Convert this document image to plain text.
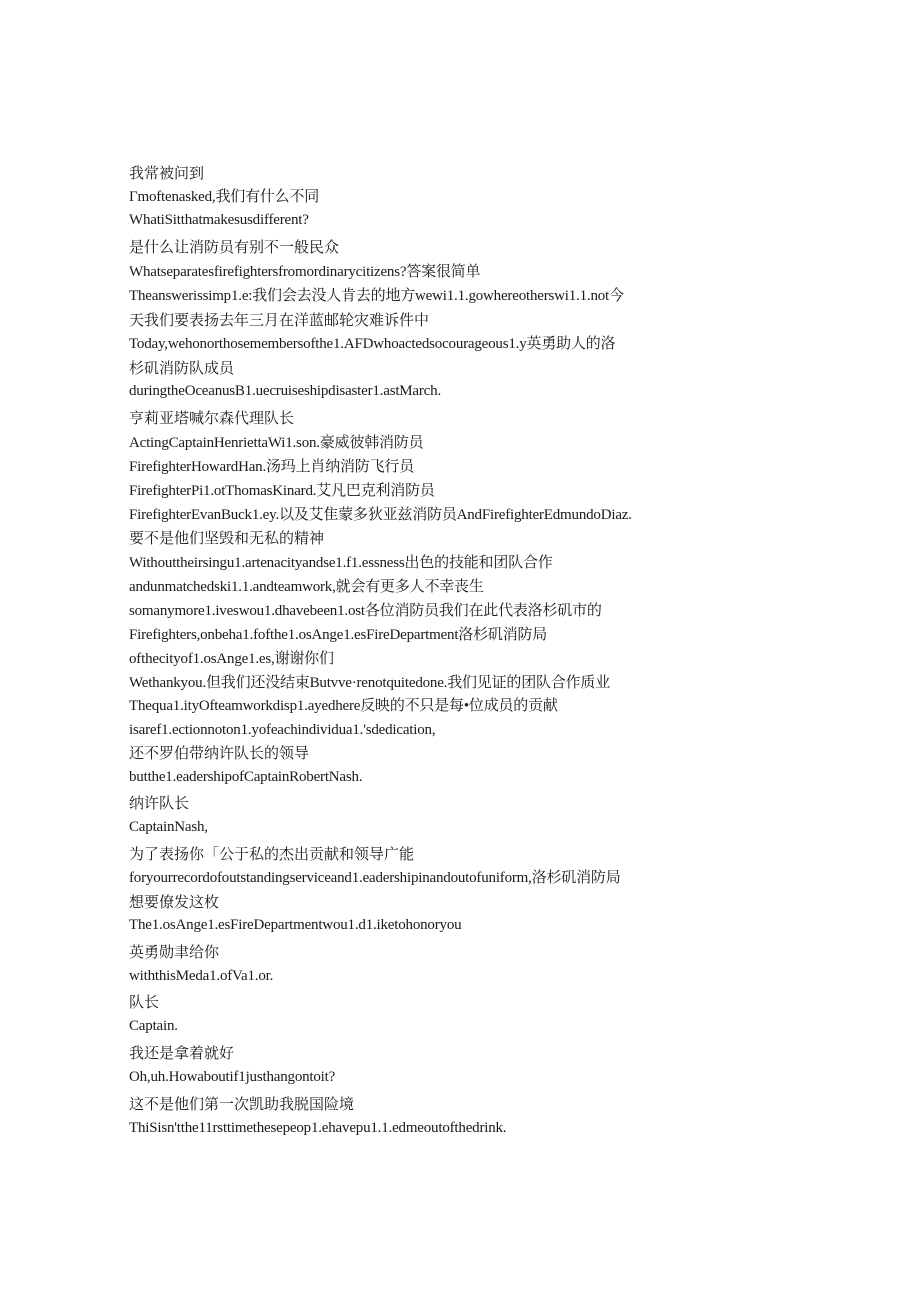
我常被问到
Γmoftenasked,我们有什么不同
WhatiSitthatmakesusdifferent?
是什么让消防员有别不一般民众
Whatseparatesfirefightersfromordinarycitizens?答案很简单
Theanswerissimp1.e:我们会去没人肯去的地方wewi1.1.gowhereotherswi1.1.not今
天我们要表扬去年三月在洋蓝邮轮灾难诉件中
Today,wehonorthosemembersofthe1.AFDwhoactedsocourageous1.y英勇助人的洛
杉矶消防队成员
duringtheOceanusB1.uecruiseshipdisaster1.astMarch.
亨莉亚塔喊尔森代理队长
ActingCaptainHenriettaWi1.son.豪威彼韩消防员
FirefighterHowardHan.汤玛上肖纳消防飞行员
FirefighterPi1.otThomasKinard.艾凡巴克利消防员
FirefighterEvanBuck1.ey.以及艾隹蒙多狄亚兹消防员AndFirefighterEdmundoDiaz.
要不是他们坚毁和无私的精神
Withouttheirsingu1.artenacityandse1.f1.essness出色的技能和团队合作
andunmatchedski1.1.andteamwork,就会有更多人不幸丧生
somanymore1.iveswou1.dhavebeen1.ost各位消防员我们在此代表洛杉矶市的
Firefighters,onbeha1.fofthe1.osAnge1.esFireDepartment洛杉矶消防局
ofthecityof1.osAnge1.es,谢谢你们
Wethankyou.但我们还没结束Butvve·renotquitedone.我们见证的团队合作质业
Thequa1.ityOfteamworkdisp1.ayedhere反映的不只是每•位成员的贡献
isaref1.ectionnoton1.yofeachindividua1.'sdedication,
还不罗伯带纳许队长的领导
butthe1.eadershipofCaptainRobertNash.
纳许队长
CaptainNash,
为了表扬你「公于私的杰出贡献和领导广能
foryourrecordofoutstandingserviceand1.eadershipinandoutofuniform,洛杉矶消防局
想要僚发这枚
The1.osAnge1.esFireDepartmentwou1.d1.iketohonoryou
英勇勋聿给你
withthisMeda1.ofVa1.or.
队长
Captain.
我还是拿着就好
Oh,uh.Howaboutif1justhangontoit?
这不是他们第一次凯助我脱国险境
ThiSisn'tthe11rsttimethesepeop1.ehavepu1.1.edmeoutofthedrink.
